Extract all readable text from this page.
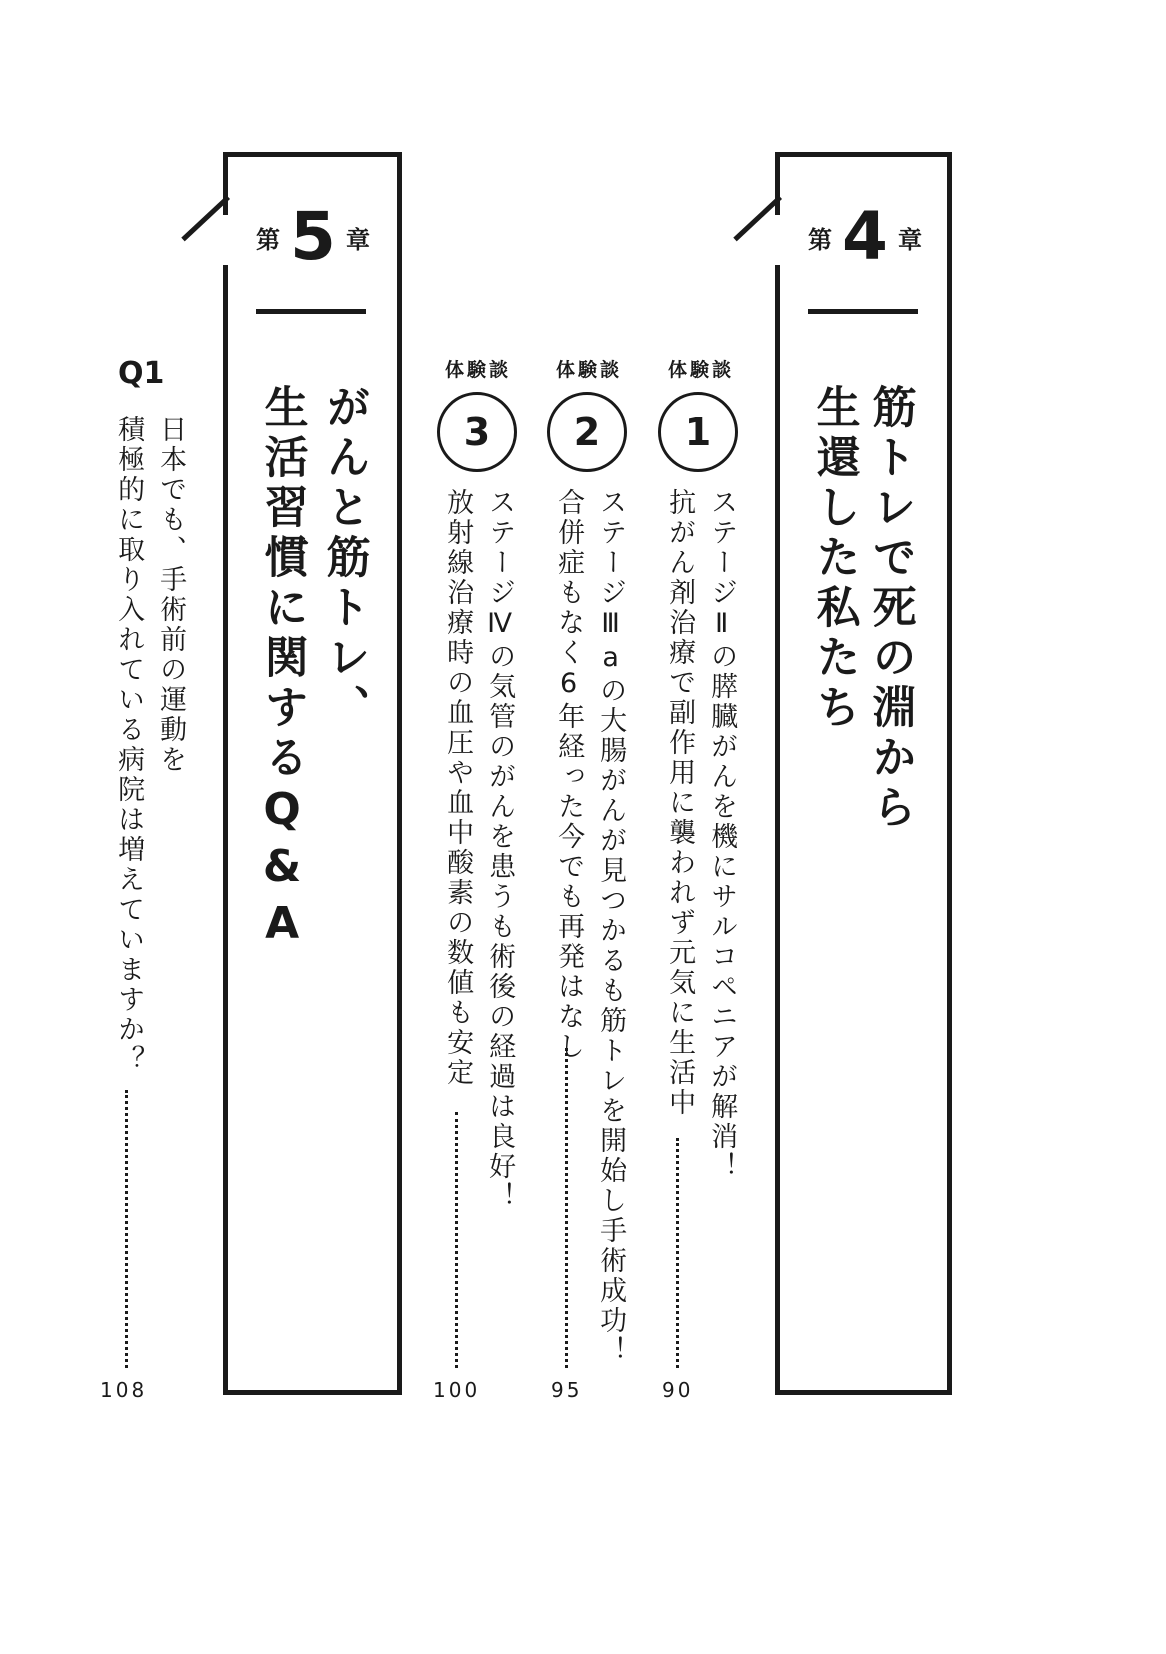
第 4 章
筋トレで死の淵から
生還した私たち
体験談
1
ステージⅡの膵臓がんを機にサルコペニアが解消！
抗がん剤治療で副作用に襲われず元気に生活中
90
体験談
2
ステージⅢaの大腸がんが見つかるも筋トレを開始し手術成功！
合併症もなく6年経った今でも再発はなし
95
体験談
3
ステージⅣの気管のがんを患うも術後の経過は良好！
放射線治療時の血圧や血中酸素の数値も安定
100
第 5 章
がんと筋トレ、
生活習慣に関するQ&A
Q1
日本でも、手術前の運動を
積極的に取り入れている病院は増えていますか？
108
